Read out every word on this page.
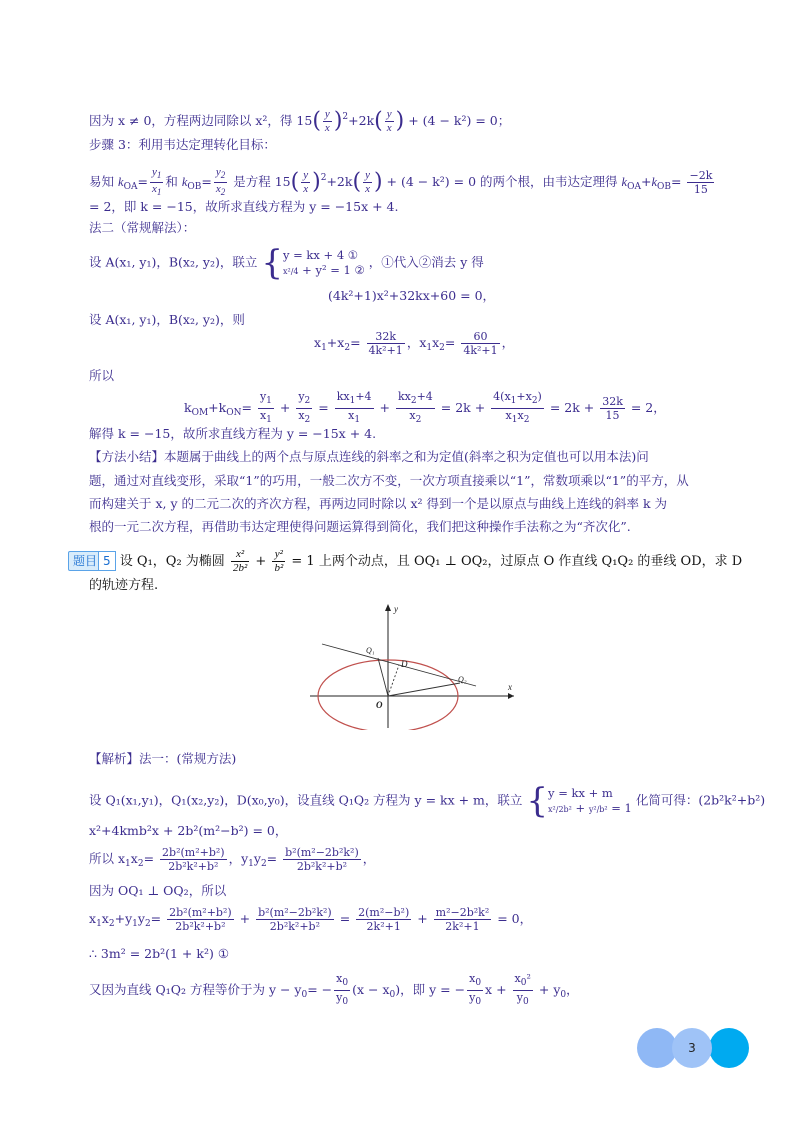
因为 x ≠ 0，方程两边同除以 x²，得 $15( \frac{y}{x} )^2+2k( \frac{y}{x}$ ) + (4 − k²) = 0；
步骤 3：利用韦达定理转化目标：
易知 $k_{OA}= \frac{y_1}{x_1}$ 和 $k_{OB}= \frac{y_2}{x_2}$ 是方程 $15( \frac{y}{x} )^2+2k( \frac{y}{x}$ ) + (4 − k²) = 0 的两个根，由韦达定理得 $k_{OA}+k_{OB}= \frac{-2k}{15}$
= 2，即 k = −15，故所求直线方程为 y = −15x + 4.
法二（常规解法）：
设 A(x₁, y₁)，B(x₂, y₂)，联立 { y = kx + 4 ①
x²/4 + y² = 1 ② ，①代入②消去 y 得
(4k²+1)x²+32kx+60 = 0，
设 A(x₁, y₁)，B(x₂, y₂)，则
$x_1+x_2= \frac{32k}{\text{4k²+1}}$ ，$x_1x_2= \frac{60}{\text{4k²+1}}$ ，
所以
$k_{OM}+k_{ON}= \frac{y_1}{x_1} + \frac{y_2}{x_2} = \frac{kx_1+4}{x_1} + \frac{kx_2+4}{x_2} = 2k + \frac{4(x_1+x_2)}{x_1x_2} = 2k + \frac{32k}{15} = 2$，
解得 k = −15，故所求直线方程为 y = −15x + 4.
【方法小结】本题属于曲线上的两个点与原点连线的斜率之和为定值(斜率之积为定值也可以用本法)问
题，通过对直线变形，采取“1”的巧用，一般二次方不变，一次方项直接乘以“1”，常数项乘以“1”的平方，从
而构建关于 x, y 的二元二次的齐次方程，再两边同时除以 x² 得到一个是以原点与曲线上连线的斜率 k 为
根的一元二次方程，再借助韦达定理使得问题运算得到简化，我们把这种操作手法称之为“齐次化”.
题目 5 设 Q₁，Q₂ 为椭圆 $\frac{\text{x²}}{\text{2b²}} + \frac{\text{y²}}{\text{b²}} = 1$ 上两个动点，且 OQ₁ ⊥ OQ₂，过原点 O 作直线 Q₁Q₂ 的垂线 OD，求 D
的轨迹方程.
y
x
O
Q₁
Q₂
D
【解析】法一：(常规方法)
设 Q₁(x₁,y₁)，Q₁(x₂,y₂)，D(x₀,y₀)，设直线 Q₁Q₂ 方程为 y = kx + m，联立 { y = kx + m
x²/2b² + y²/b² = 1 化简可得：(2b²k²+b²)
x²+4kmb²x + 2b²(m²−b²) = 0，
所以 $x_1x_2= \frac{\text{2b²(m²+b²)}}{\text{2b²k²+b²}}$ ，$y_1y_2= \frac{\text{b²(m²−2b²k²)}}{\text{2b²k²+b²}}$ ，
因为 OQ₁ ⊥ OQ₂，所以
$x_1x_2+y_1y_2= \frac{\text{2b²(m²+b²)}}{\text{2b²k²+b²}} + \frac{\text{b²(m²−2b²k²)}}{\text{2b²k²+b²}} = \frac{\text{2(m²−b²)}}{\text{2k²+1}} + \frac{\text{m²−2b²k²}}{\text{2k²+1}} = 0$，
∴ 3m² = 2b²(1 + k²) ①
又因为直线 Q₁Q₂ 方程等价于为 $y - y_0= - \frac{x_0}{y_0} (x - x_0)$，即 y = − $\frac{x_0}{y_0}$ $x + \frac{x_0^2}{y_0} + y_0$，
3
